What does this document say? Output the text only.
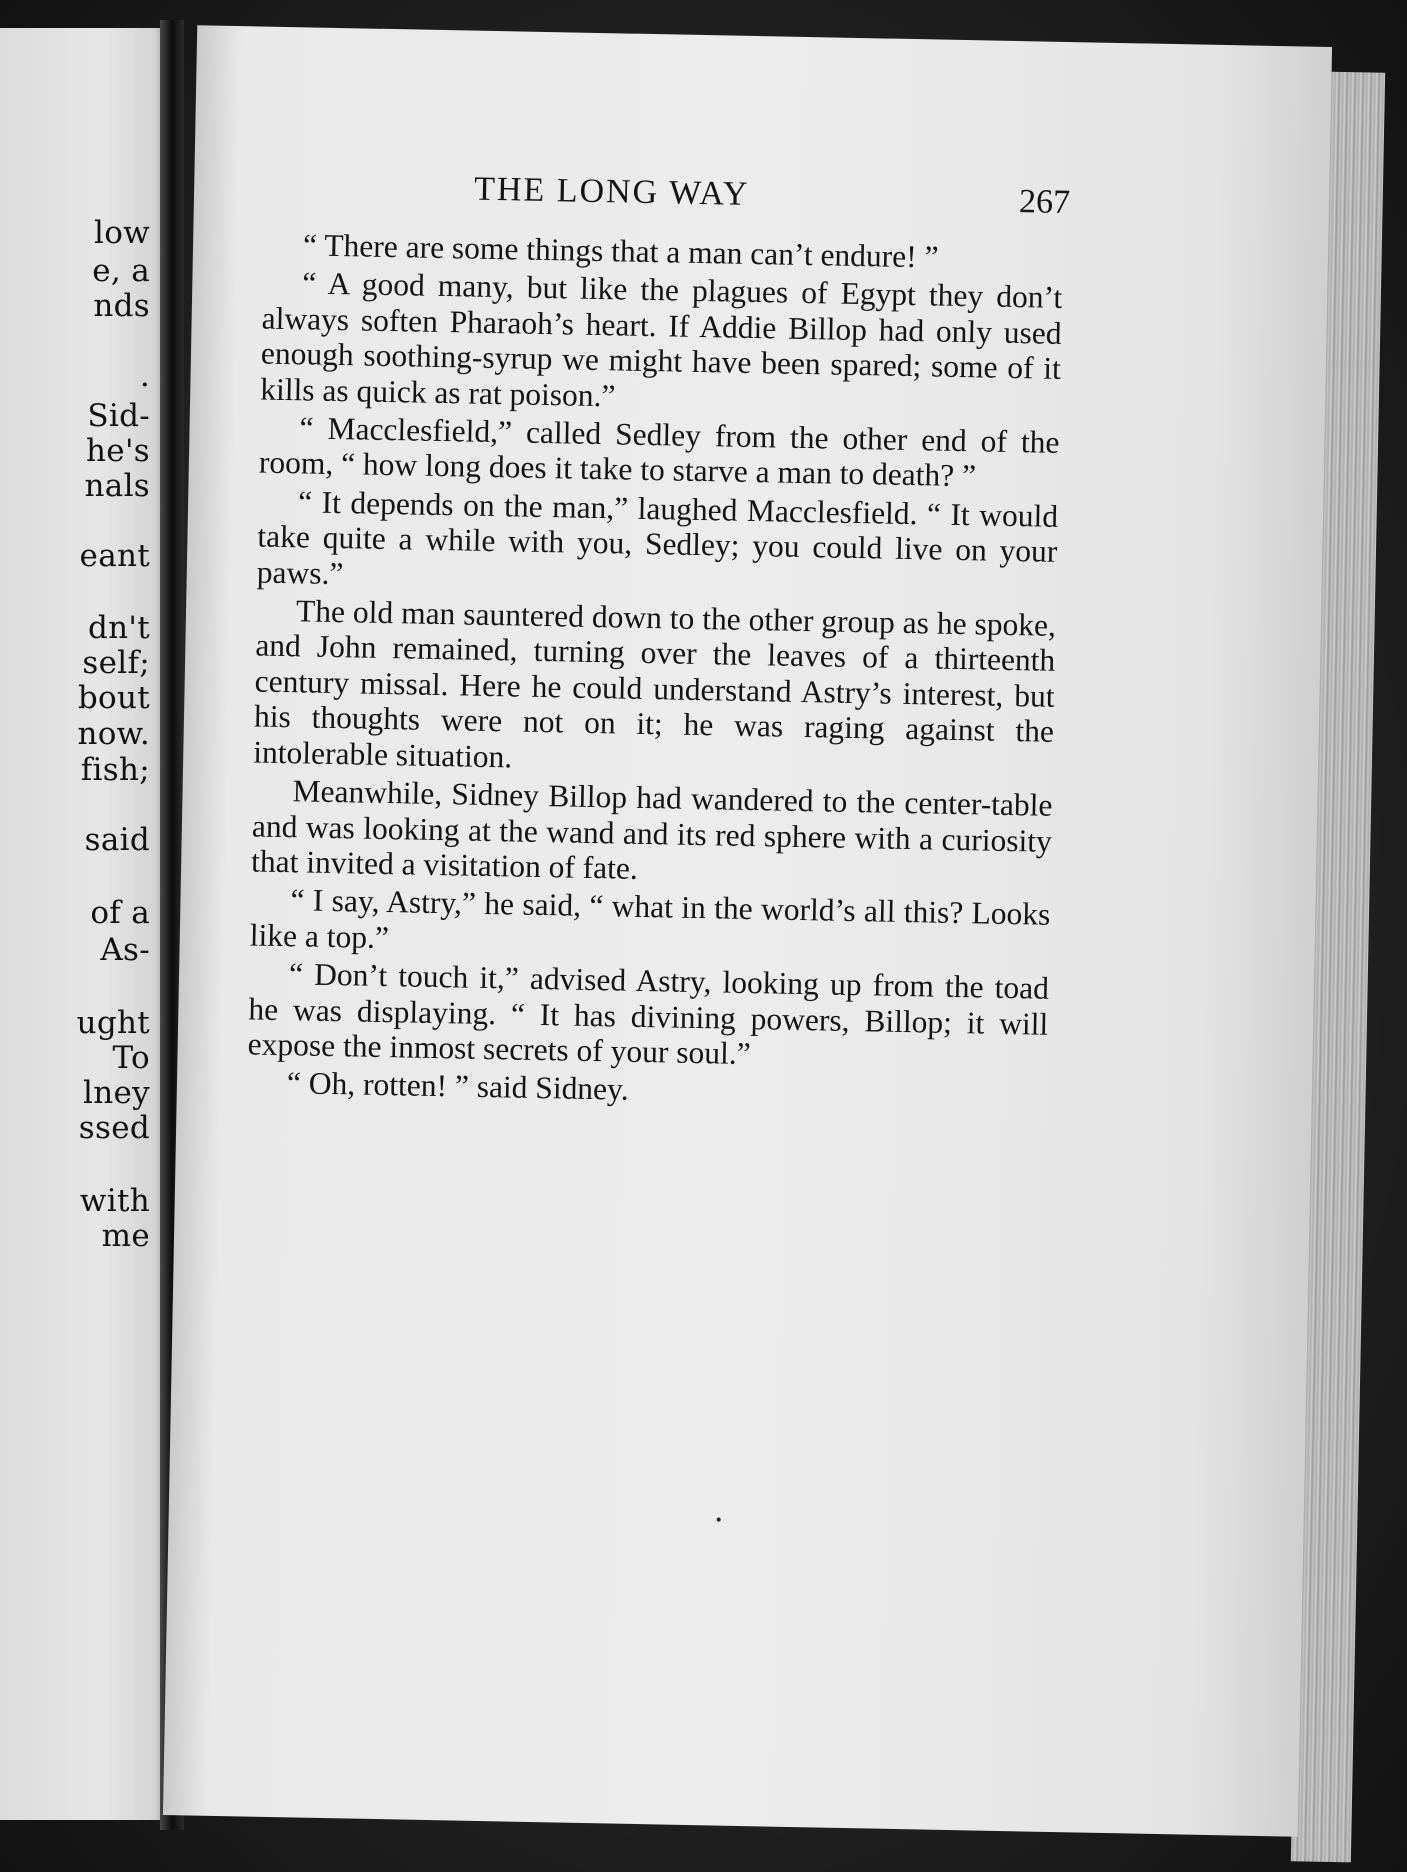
low
e, a
nds
.
Sid-
he's
nals
eant
dn't
self;
bout
now.
fish;
said
of a
As-
ught
To
lney
ssed
with
me
THE LONG WAY	267

“ There are some things that a man can’t endure! ”

“ A good many, but like the plagues of Egypt they don’t always soften Pharaoh’s heart. If Addie Billop had only used enough soothing-syrup we might have been spared; some of it kills as quick as rat poison.”

“ Macclesfield,” called Sedley from the other end of the room, “ how long does it take to starve a man to death? ”

“ It depends on the man,” laughed Macclesfield. “ It would take quite a while with you, Sedley; you could live on your paws.”

The old man sauntered down to the other group as he spoke, and John remained, turning over the leaves of a thirteenth century missal. Here he could understand Astry’s interest, but his thoughts were not on it; he was raging against the intolerable situation.

Meanwhile, Sidney Billop had wandered to the center-table and was looking at the wand and its red sphere with a curiosity that invited a visitation of fate.

“ I say, Astry,” he said, “ what in the world’s all this? Looks like a top.”

“ Don’t touch it,” advised Astry, looking up from the toad he was displaying. “ It has divining powers, Billop; it will expose the inmost secrets of your soul.”

“ Oh, rotten! ” said Sidney.
